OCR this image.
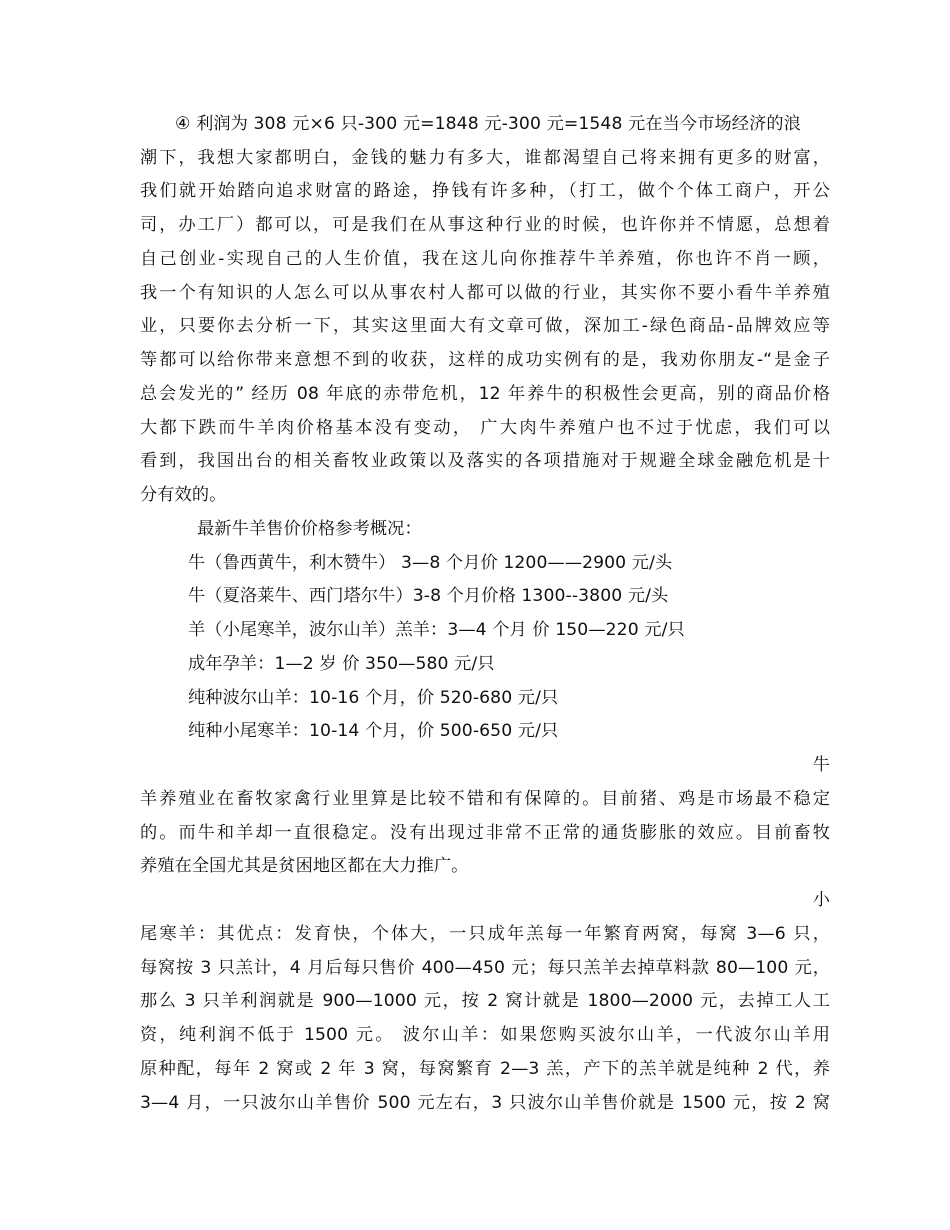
④ 利润为 308 元×6 只-300 元=1848 元-300 元=1548 元在当今市场经济的浪
潮下，我想大家都明白，金钱的魅力有多大，谁都渴望自己将来拥有更多的财富，
我们就开始踏向追求财富的路途，挣钱有许多种，（打工，做个个体工商户，开公
司，办工厂）都可以，可是我们在从事这种行业的时候，也许你并不情愿，总想着
自己创业-实现自己的人生价值，我在这儿向你推荐牛羊养殖，你也许不肖一顾，
我一个有知识的人怎么可以从事农村人都可以做的行业，其实你不要小看牛羊养殖
业，只要你去分析一下，其实这里面大有文章可做，深加工-绿色商品-品牌效应等
等都可以给你带来意想不到的收获，这样的成功实例有的是，我劝你朋友-“是金子
总会发光的” 经历 08 年底的赤带危机，12 年养牛的积极性会更高，别的商品价格
大都下跌而牛羊肉价格基本没有变动， 广大肉牛养殖户也不过于忧虑，我们可以
看到，我国出台的相关畜牧业政策以及落实的各项措施对于规避全球金融危机是十
分有效的。
最新牛羊售价价格参考概况：
牛（鲁西黄牛，利木赞牛） 3—8 个月价 1200——2900 元/头
牛（夏洛莱牛、西门塔尔牛）3-8 个月价格 1300--3800 元/头
羊（小尾寒羊，波尔山羊）羔羊：3—4 个月 价 150—220 元/只
成年孕羊：1—2 岁 价 350—580 元/只
纯种波尔山羊：10-16 个月，价 520-680 元/只
纯种小尾寒羊：10-14 个月，价 500-650 元/只
牛
羊养殖业在畜牧家禽行业里算是比较不错和有保障的。目前猪、鸡是市场最不稳定
的。而牛和羊却一直很稳定。没有出现过非常不正常的通货膨胀的效应。目前畜牧
养殖在全国尤其是贫困地区都在大力推广。
小
尾寒羊：其优点：发育快，个体大，一只成年羔每一年繁育两窝，每窝 3—6 只，
每窝按 3 只羔计，4 月后每只售价 400—450 元；每只羔羊去掉草料款 80—100 元，
那么 3 只羊利润就是 900—1000 元，按 2 窝计就是 1800—2000 元，去掉工人工
资，纯利润不低于 1500 元。 波尔山羊：如果您购买波尔山羊，一代波尔山羊用
原种配，每年 2 窝或 2 年 3 窝，每窝繁育 2—3 羔，产下的羔羊就是纯种 2 代，养
3—4 月，一只波尔山羊售价 500 元左右，3 只波尔山羊售价就是 1500 元，按 2 窝
